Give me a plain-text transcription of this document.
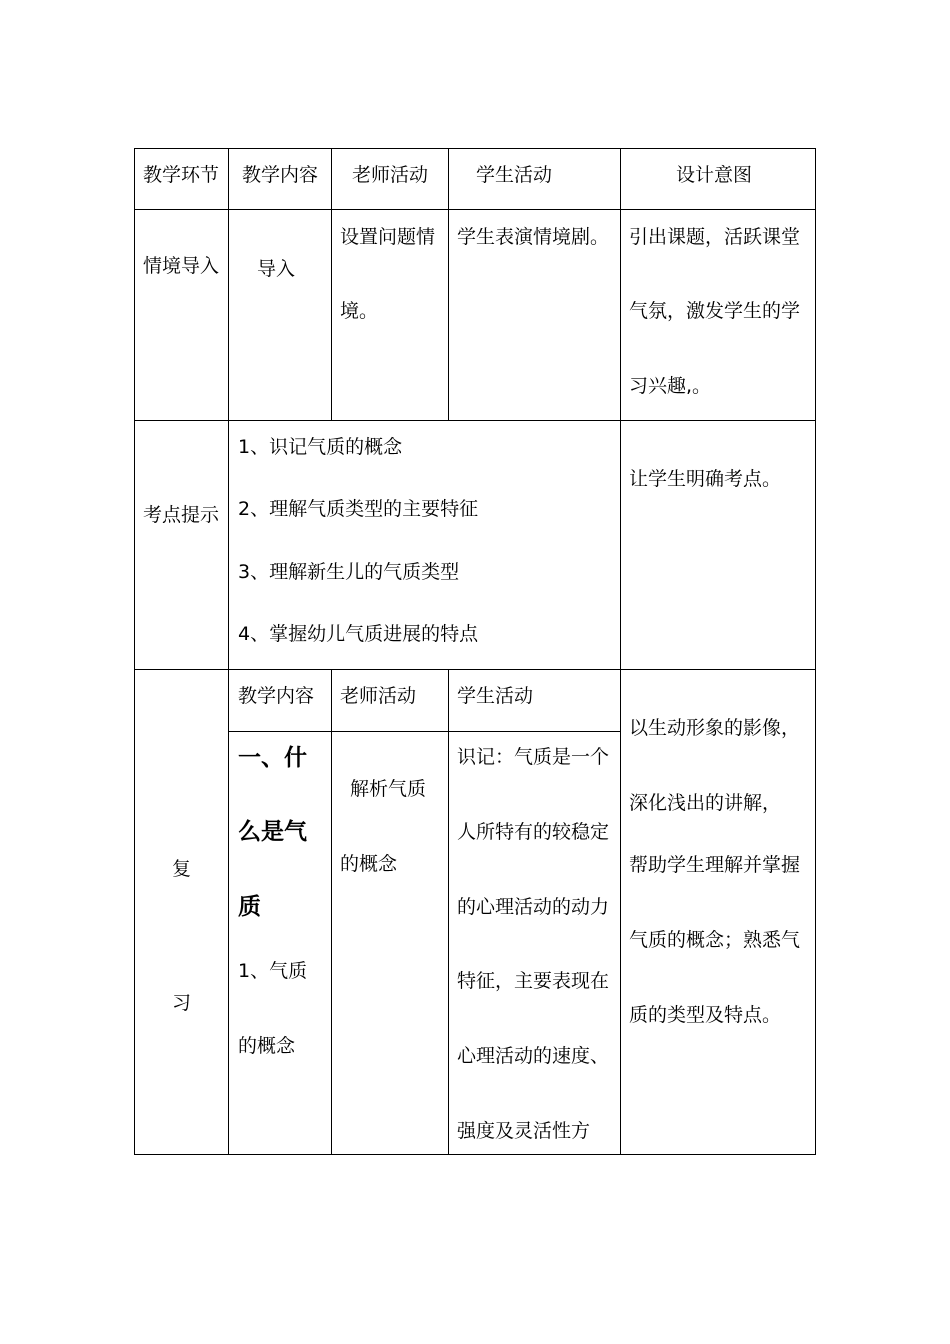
教学环节 教学内容 老师活动	学生活动	设计意图
情境导入 导入
设置问题情
境。
学生表演情境剧。 引出课题，活跃课堂
气氛，激发学生的学
习兴趣,。
考点提示
1、识记气质的概念
2、理解气质类型的主要特征
3、理解新生儿的气质类型
4、掌握幼儿气质进展的特点
让学生明确考点。
复
习
教学内容 老师活动 学生活动
一、什
么是气
质
1、气质
的概念
解析气质
的概念
识记：气质是一个
人所特有的较稳定
的心理活动的动力
特征，主要表现在
心理活动的速度、
强度及灵活性方
以生动形象的影像，
深化浅出的讲解，
帮助学生理解并掌握
气质的概念；熟悉气
质的类型及特点。
